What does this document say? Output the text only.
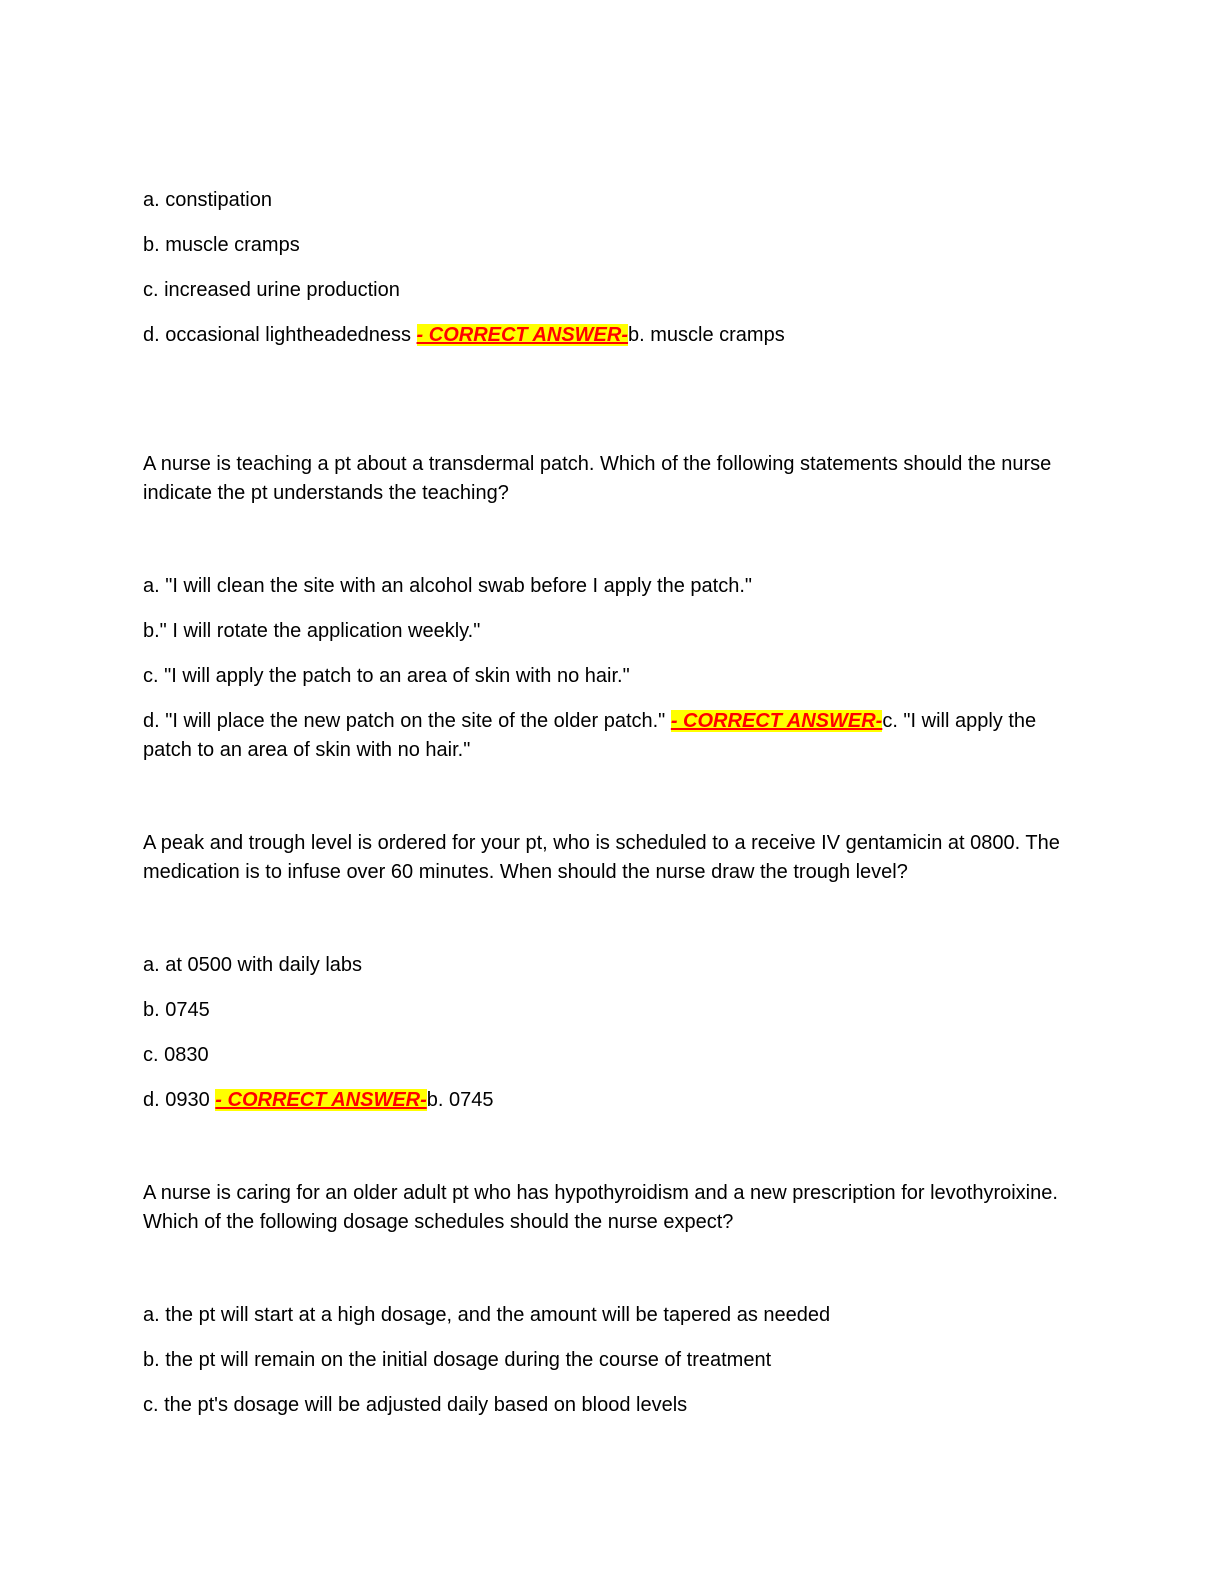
a. constipation

b. muscle cramps

c. increased urine production

d. occasional lightheadedness - CORRECT ANSWER-b. muscle cramps

A nurse is teaching a pt about a transdermal patch. Which of the following statements should the nurse indicate the pt understands the teaching?

a. "I will clean the site with an alcohol swab before I apply the patch."

b." I will rotate the application weekly."

c. "I will apply the patch to an area of skin with no hair."

d. "I will place the new patch on the site of the older patch." - CORRECT ANSWER-c. "I will apply the patch to an area of skin with no hair."

A peak and trough level is ordered for your pt, who is scheduled to a receive IV gentamicin at 0800. The medication is to infuse over 60 minutes. When should the nurse draw the trough level?

a. at 0500 with daily labs

b. 0745

c. 0830

d. 0930 - CORRECT ANSWER-b. 0745

A nurse is caring for an older adult pt who has hypothyroidism and a new prescription for levothyroixine. Which of the following dosage schedules should the nurse expect?

a. the pt will start at a high dosage, and the amount will be tapered as needed

b. the pt will remain on the initial dosage during the course of treatment

c. the pt's dosage will be adjusted daily based on blood levels
